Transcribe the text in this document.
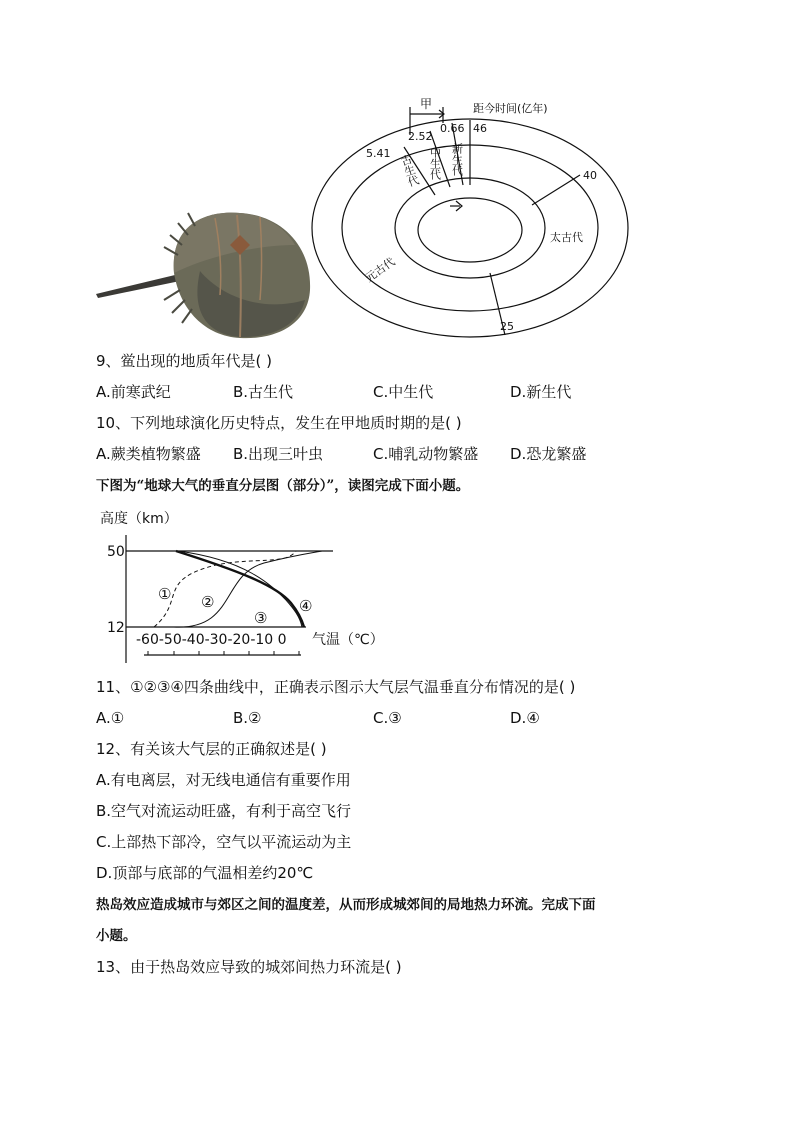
距今时间(亿年)
甲
46
0.66
2.52
5.41
40
25
古生代 中生代 新生代
太古代
元古代
9、鲎出现的地质年代是( )
A.前寒武纪	B.古生代	C.中生代	D.新生代
10、下列地球演化历史特点，发生在甲地质时期的是( )
A.蕨类植物繁盛 B.出现三叶虫	C.哺乳动物繁盛 D.恐龙繁盛
下图为“地球大气的垂直分层图（部分）”，读图完成下面小题。
高度（km）
50
12
-60-50-40-30-20-10 0 气温（℃）
① ②
③
④
11、①②③④四条曲线中，正确表示图示大气层气温垂直分布情况的是( )
A.①	B.②	C.③	D.④
12、有关该大气层的正确叙述是( )
A.有电离层，对无线电通信有重要作用
B.空气对流运动旺盛，有利于高空飞行
C.上部热下部冷，空气以平流运动为主
D.顶部与底部的气温相差约20℃
热岛效应造成城市与郊区之间的温度差，从而形成城郊间的局地热力环流。完成下面
小题。
13、由于热岛效应导致的城郊间热力环流是( )
